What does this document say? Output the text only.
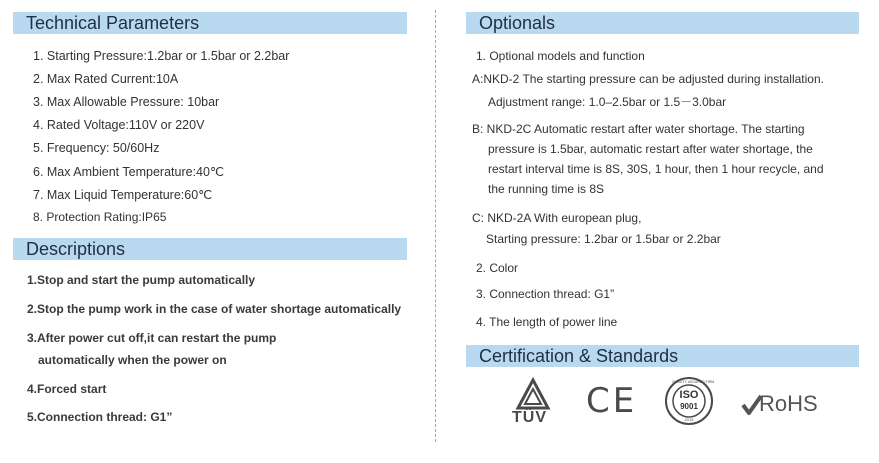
Technical Parameters
1. Starting Pressure:1.2bar or 1.5bar or 2.2bar
2. Max Rated Current:10A
3. Max Allowable Pressure: 10bar
4. Rated Voltage:110V or 220V
5. Frequency: 50/60Hz
6. Max Ambient Temperature:40℃
7. Max Liquid Temperature:60℃
8. Protection Rating:IP65
Descriptions
1.Stop and start the pump automatically
2.Stop the pump work in the case of water shortage automatically
3.After power cut off,it can restart the pump
automatically when the power on
4.Forced start
5.Connection thread: G1”
Optionals
1. Optional models and function
A:NKD-2 The starting pressure can be adjusted during installation.
Adjustment range: 1.0–2.5bar or 1.5－3.0bar
B: NKD-2C Automatic restart after water shortage. The starting
pressure is 1.5bar, automatic restart after water shortage, the
restart interval time is 8S, 30S, 1 hour, then 1 hour recycle, and
the running time is 8S
C: NKD-2A With european plug,
Starting pressure: 1.2bar or 1.5bar or 2.2bar
2. Color
3. Connection thread: G1”
4. The length of power line
Certification & Standards
TÜV CE	QUALITY ASSURED FIRM
ISO
9001
2015
RoHS
